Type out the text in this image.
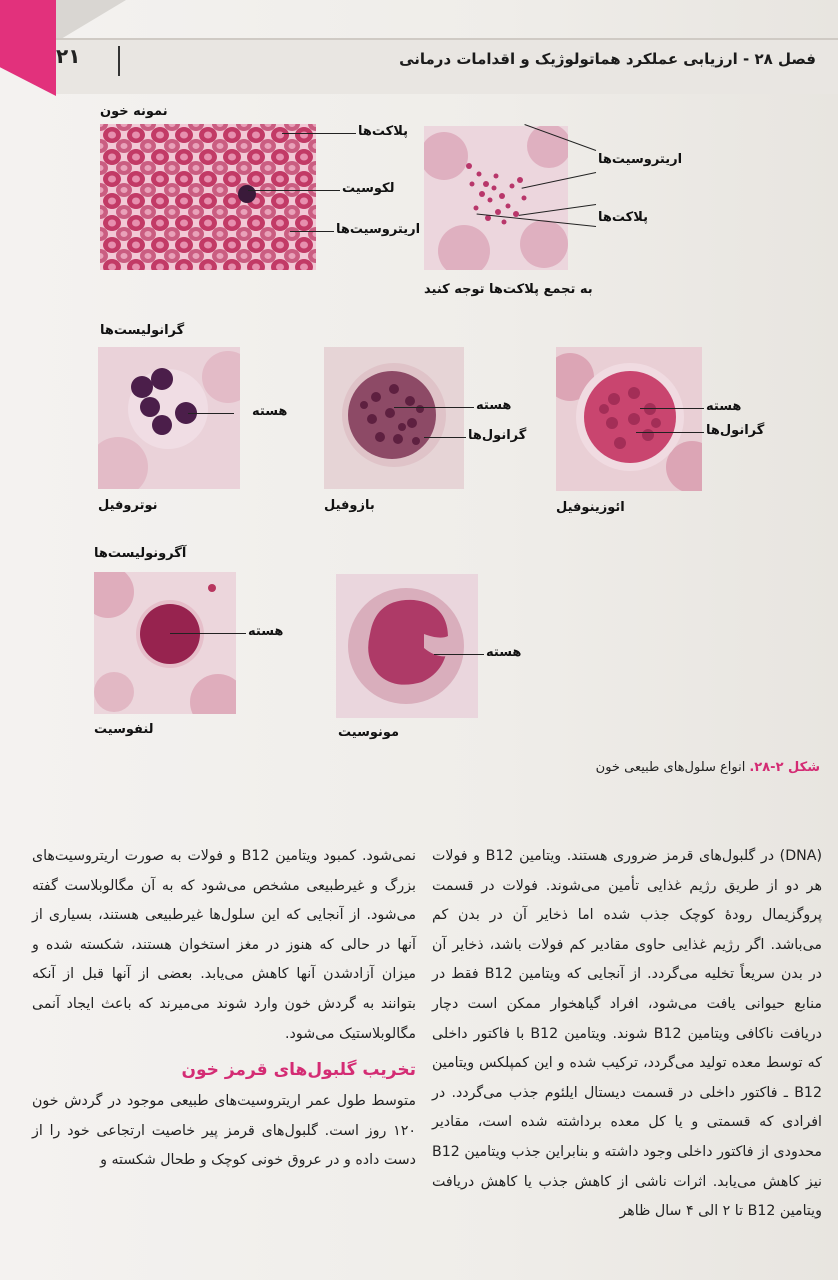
۲۱	فصل ۲۸ - ارزیابی عملکرد هماتولوژیک و اقدامات درمانی
نمونه خون
پلاکت‌ها
لکوسیت
اریتروسیت‌ها
اریتروسیت‌ها
پلاکت‌ها
به تجمع پلاکت‌ها توجه کنید
گرانولیست‌ها
هسته
نوتروفیل
هسته
گرانول‌ها
بازوفیل
هسته
گرانول‌ها
ائوزینوفیل
آگرونولیست‌ها
هسته
لنفوسیت
هسته
مونوسیت
شکل ۲-۲۸.انواع سلول‌های طبیعی خون

(DNA) در گلبول‌های قرمز ضروری هستند. ویتامین B12 و فولات هر دو از طریق رژیم غذایی تأمین می‌شوند. فولات در قسمت پروگزیمال رودهٔ کوچک جذب شده اما ذخایر آن در بدن کم می‌باشد. اگر رژیم غذایی حاوی مقادیر کم فولات باشد، ذخایر آن در بدن سریعاً تخلیه می‌گردد. از آنجایی که ویتامین B12 فقط در منابع حیوانی یافت می‌شود، افراد گیاهخوار ممکن است دچار دریافت ناکافی ویتامین B12 شوند. ویتامین B12 با فاکتور داخلی که توسط معده تولید می‌گردد، ترکیب شده و این کمپلکس ویتامین B12 ـ فاکتور داخلی در قسمت دیستال ایلئوم جذب می‌گردد. در افرادی که قسمتی و یا کل معده برداشته شده است، مقادیر محدودی از فاکتور داخلی وجود داشته و بنابراین جذب ویتامین B12 نیز کاهش می‌یابد. اثرات ناشی از کاهش جذب یا کاهش دریافت ویتامین B12 تا ۲ الی ۴ سال ظاهر

نمی‌شود. کمبود ویتامین B12 و فولات به صورت اریتروسیت‌های بزرگ و غیرطبیعی مشخص می‌شود که به آن مگالوبلاست گفته می‌شود. از آنجایی که این سلول‌ها غیرطبیعی هستند، بسیاری از آنها در حالی که هنوز در مغز استخوان هستند، شکسته شده و میزان آزادشدن آنها کاهش می‌یابد. بعضی از آنها قبل از آنکه بتوانند به گردش خون وارد شوند می‌میرند که باعث ایجاد آنمی مگالوبلاستیک می‌شود.

تخریب گلبول‌های قرمز خون

متوسط طول عمر اریتروسیت‌های طبیعی موجود در گردش خون ۱۲۰ روز است. گلبول‌های قرمز پیر خاصیت ارتجاعی خود را از دست داده و در عروق خونی کوچک و طحال شکسته و
